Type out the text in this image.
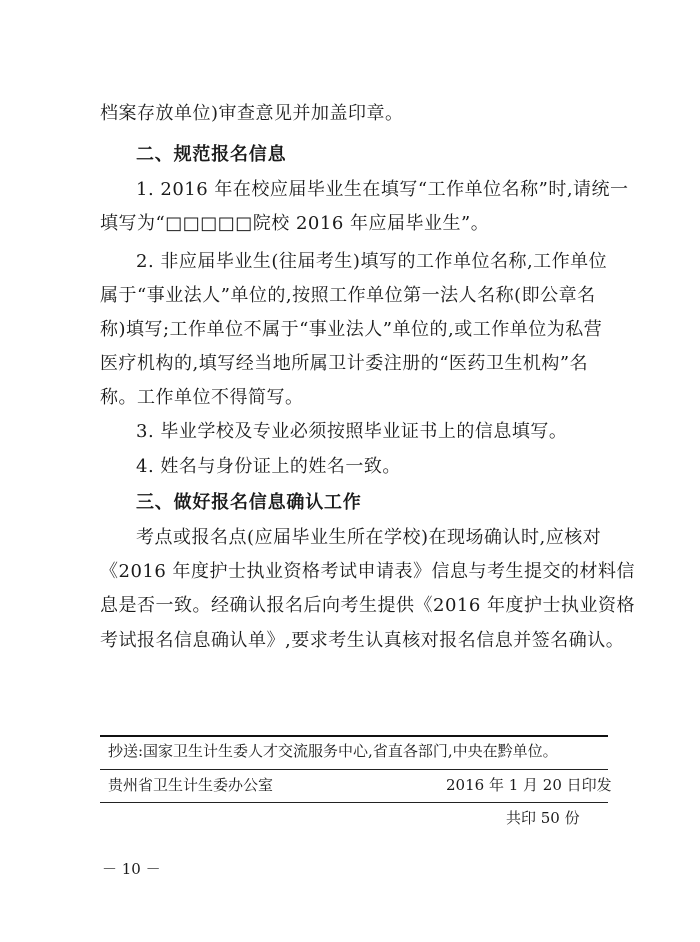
档案存放单位)审查意见并加盖印章。
二、规范报名信息
1. 2016 年在校应届毕业生在填写“工作单位名称”时,请统一
填写为“□□□□□院校 2016 年应届毕业生”。
2. 非应届毕业生(往届考生)填写的工作单位名称,工作单位
属于“事业法人”单位的,按照工作单位第一法人名称(即公章名
称)填写;工作单位不属于“事业法人”单位的,或工作单位为私营
医疗机构的,填写经当地所属卫计委注册的“医药卫生机构”名
称。工作单位不得简写。
3. 毕业学校及专业必须按照毕业证书上的信息填写。
4. 姓名与身份证上的姓名一致。
三、做好报名信息确认工作
考点或报名点(应届毕业生所在学校)在现场确认时,应核对
《2016 年度护士执业资格考试申请表》信息与考生提交的材料信
息是否一致。经确认报名后向考生提供《2016 年度护士执业资格
考试报名信息确认单》,要求考生认真核对报名信息并签名确认。
抄送:国家卫生计生委人才交流服务中心,省直各部门,中央在黔单位。
贵州省卫生计生委办公室	2016 年 1 月 20 日印发
共印 50 份
－ 10 －
